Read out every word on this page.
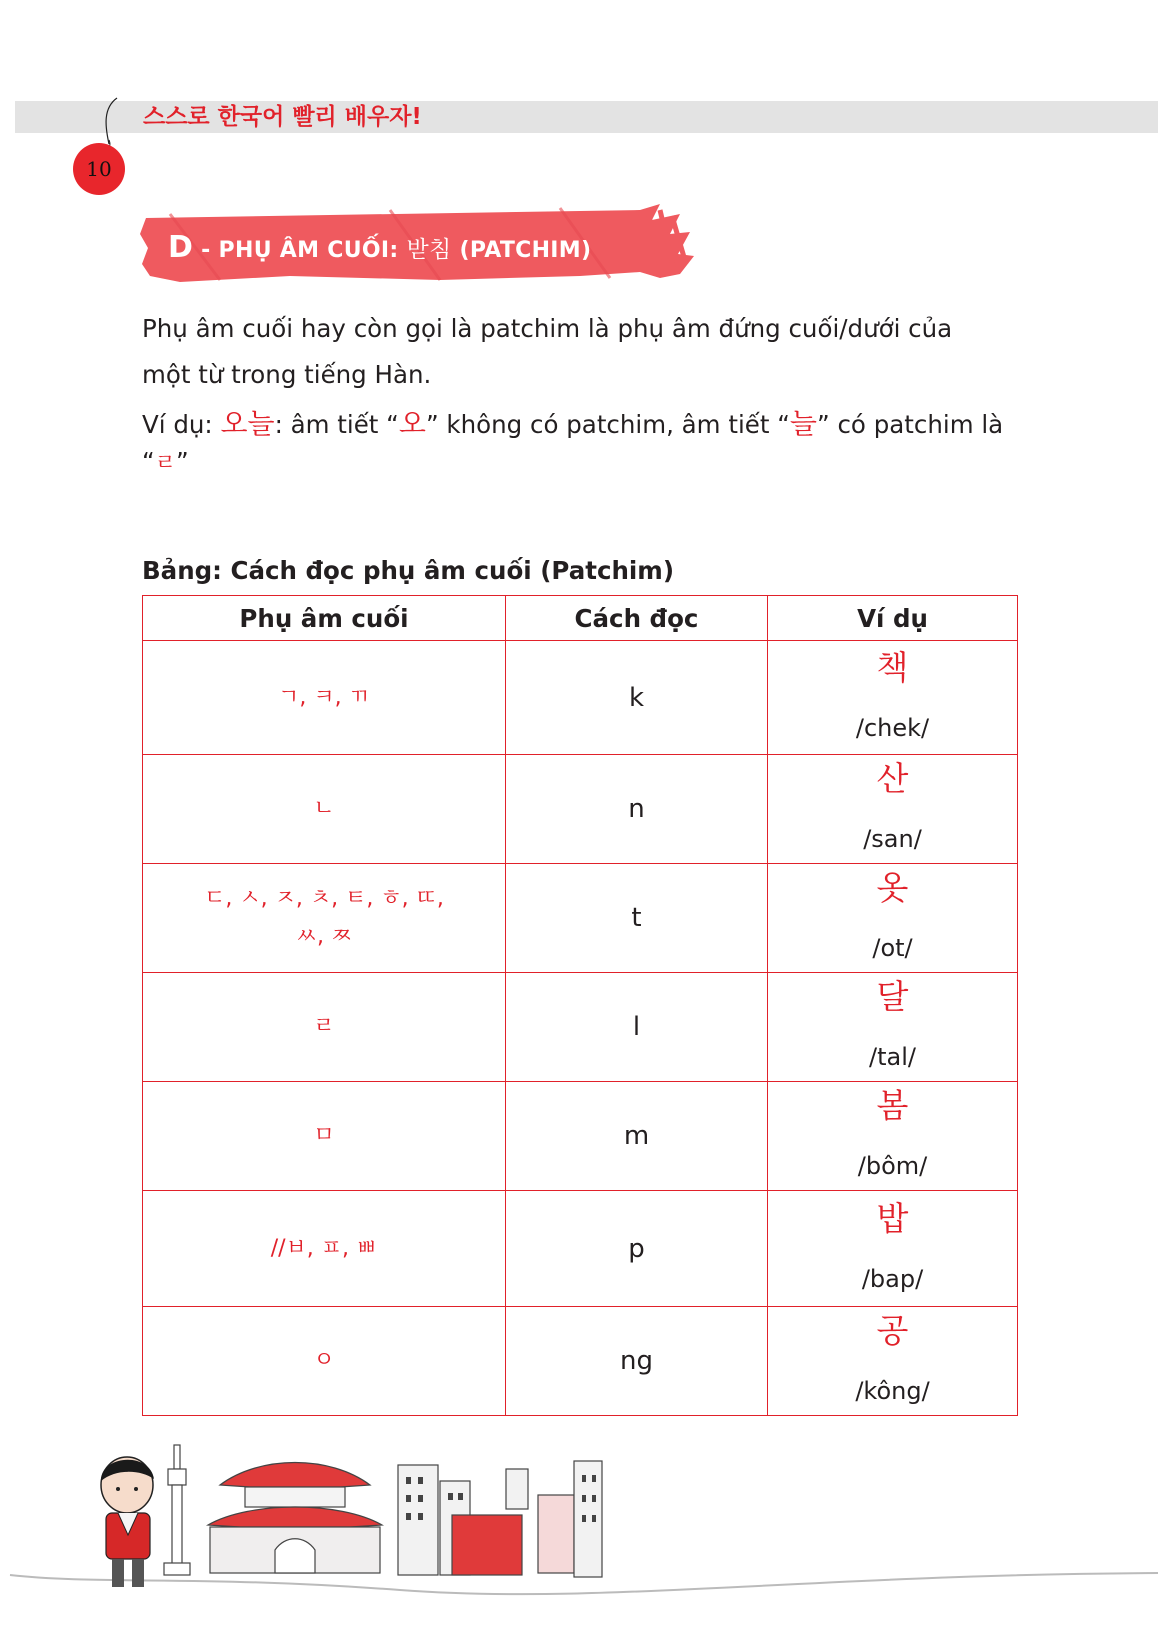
스스로 한국어 빨리 배우자!
10
D - PHỤ ÂM CUỐI: 받침 (PATCHIM)
Phụ âm cuối hay còn gọi là patchim là phụ âm đứng cuối/dưới của
một từ trong tiếng Hàn.
Ví dụ: 오늘: âm tiết “오” không có patchim, âm tiết “늘” có patchim là
“ㄹ”
Bảng: Cách đọc phụ âm cuối (Patchim)
Phụ âm cuối	Cách đọc	Ví dụ
ㄱ, ㅋ, ㄲ	k	책
/chek/

ㄴ	n	산
/san/

ㄷ, ㅅ, ㅈ, ㅊ, ㅌ, ㅎ, ㄸ,
ㅆ, ㅉ	t	옷
/ot/

ㄹ	l	달
/tal/

ㅁ	m	봄
/bôm/

//ㅂ, ㅍ, ㅃ	p	밥
/bap/

ㅇ	ng	공
/kông/
